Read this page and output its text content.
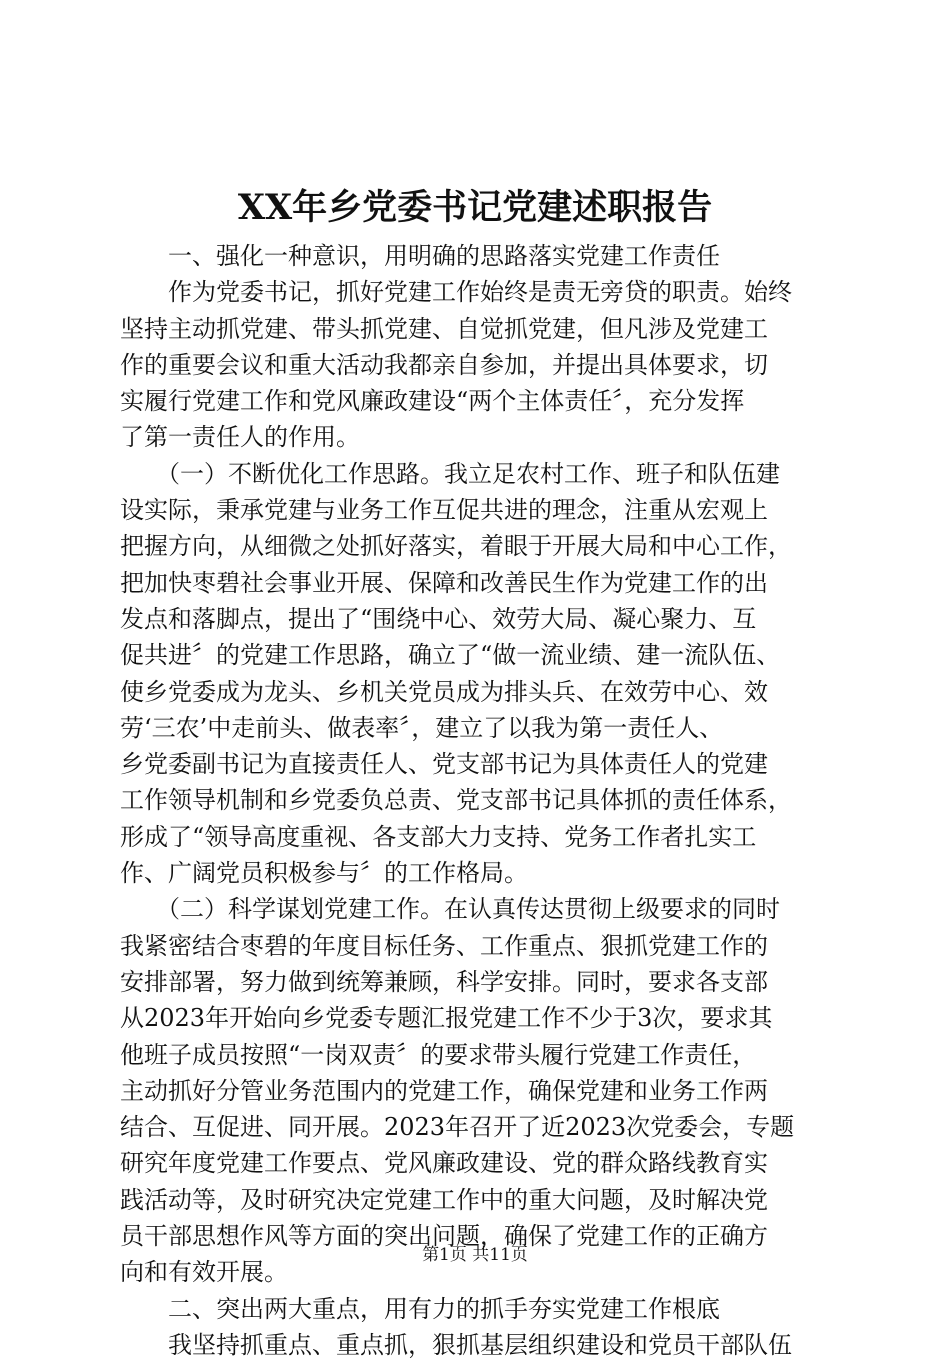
XX年乡党委书记党建述职报告
　　一、强化一种意识，用明确的思路落实党建工作责任
　　作为党委书记，抓好党建工作始终是责无旁贷的职责。始终
坚持主动抓党建、带头抓党建、自觉抓党建，但凡涉及党建工
作的重要会议和重大活动我都亲自参加，并提出具体要求，切
实履行党建工作和党风廉政建设“两个主体责任〞，充分发挥
了第一责任人的作用。
　　（一）不断优化工作思路。我立足农村工作、班子和队伍建
设实际，秉承党建与业务工作互促共进的理念，注重从宏观上
把握方向，从细微之处抓好落实，着眼于开展大局和中心工作，
把加快枣碧社会事业开展、保障和改善民生作为党建工作的出
发点和落脚点，提出了“围绕中心、效劳大局、凝心聚力、互
促共进〞的党建工作思路，确立了“做一流业绩、建一流队伍、
使乡党委成为龙头、乡机关党员成为排头兵、在效劳中心、效
劳‘三农’中走前头、做表率〞，建立了以我为第一责任人、
乡党委副书记为直接责任人、党支部书记为具体责任人的党建
工作领导机制和乡党委负总责、党支部书记具体抓的责任体系，
形成了“领导高度重视、各支部大力支持、党务工作者扎实工
作、广阔党员积极参与〞的工作格局。
　　（二）科学谋划党建工作。在认真传达贯彻上级要求的同时
我紧密结合枣碧的年度目标任务、工作重点、狠抓党建工作的
安排部署，努力做到统筹兼顾，科学安排。同时，要求各支部
从2023年开始向乡党委专题汇报党建工作不少于3次，要求其
他班子成员按照“一岗双责〞的要求带头履行党建工作责任，
主动抓好分管业务范围内的党建工作，确保党建和业务工作两
结合、互促进、同开展。2023年召开了近2023次党委会，专题
研究年度党建工作要点、党风廉政建设、党的群众路线教育实
践活动等，及时研究决定党建工作中的重大问题，及时解决党
员干部思想作风等方面的突出问题，确保了党建工作的正确方
向和有效开展。
　　二、突出两大重点，用有力的抓手夯实党建工作根底
　　我坚持抓重点、重点抓，狠抓基层组织建设和党员干部队伍
第1页 共11页
